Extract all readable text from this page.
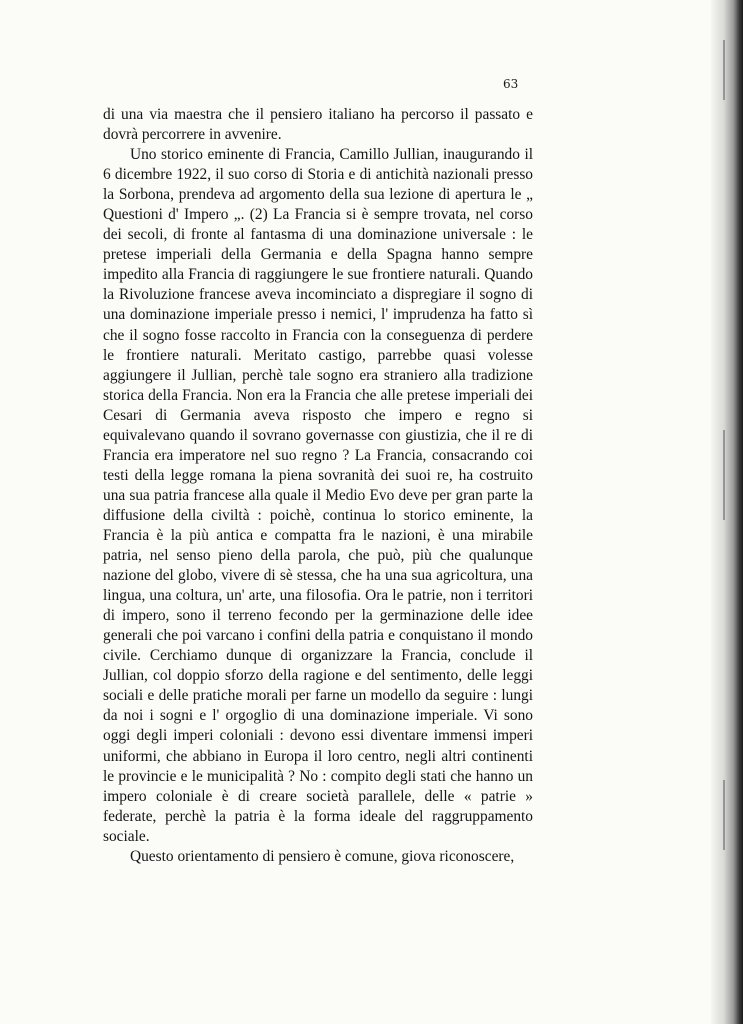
63

di una via maestra che il pensiero italiano ha percorso il passato e dovrà percorrere in avvenire.

Uno storico eminente di Francia, Camillo Jullian, inaugurando il 6 dicembre 1922, il suo corso di Storia e di antichità nazionali presso la Sorbona, prendeva ad argomento della sua lezione di apertura le „ Questioni d' Impero „. (2) La Francia si è sempre trovata, nel corso dei secoli, di fronte al fantasma di una dominazione universale : le pretese imperiali della Germania e della Spagna hanno sempre impedito alla Francia di raggiungere le sue frontiere naturali. Quando la Rivoluzione francese aveva incominciato a dispregiare il sogno di una dominazione imperiale presso i nemici, l' imprudenza ha fatto sì che il sogno fosse raccolto in Francia con la conseguenza di perdere le frontiere naturali. Meritato castigo, parrebbe quasi volesse aggiungere il Jullian, perchè tale sogno era straniero alla tradizione storica della Francia. Non era la Francia che alle pretese imperiali dei Cesari di Germania aveva risposto che impero e regno si equivalevano quando il sovrano governasse con giustizia, che il re di Francia era imperatore nel suo regno ? La Francia, consacrando coi testi della legge romana la piena sovranità dei suoi re, ha costruito una sua patria francese alla quale il Medio Evo deve per gran parte la diffusione della civiltà : poichè, continua lo storico eminente, la Francia è la più antica e compatta fra le nazioni, è una mirabile patria, nel senso pieno della parola, che può, più che qualunque nazione del globo, vivere di sè stessa, che ha una sua agricoltura, una lingua, una coltura, un' arte, una filosofia. Ora le patrie, non i territori di impero, sono il terreno fecondo per la germinazione delle idee generali che poi varcano i confini della patria e conquistano il mondo civile. Cerchiamo dunque di organizzare la Francia, conclude il Jullian, col doppio sforzo della ragione e del sentimento, delle leggi sociali e delle pratiche morali per farne un modello da seguire : lungi da noi i sogni e l' orgoglio di una dominazione imperiale. Vi sono oggi degli imperi coloniali : devono essi diventare immensi imperi uniformi, che abbiano in Europa il loro centro, negli altri continenti le provincie e le municipalità ? No : compito degli stati che hanno un impero coloniale è di creare società parallele, delle « patrie » federate, perchè la patria è la forma ideale del raggruppamento sociale.

Questo orientamento di pensiero è comune, giova riconoscere,
